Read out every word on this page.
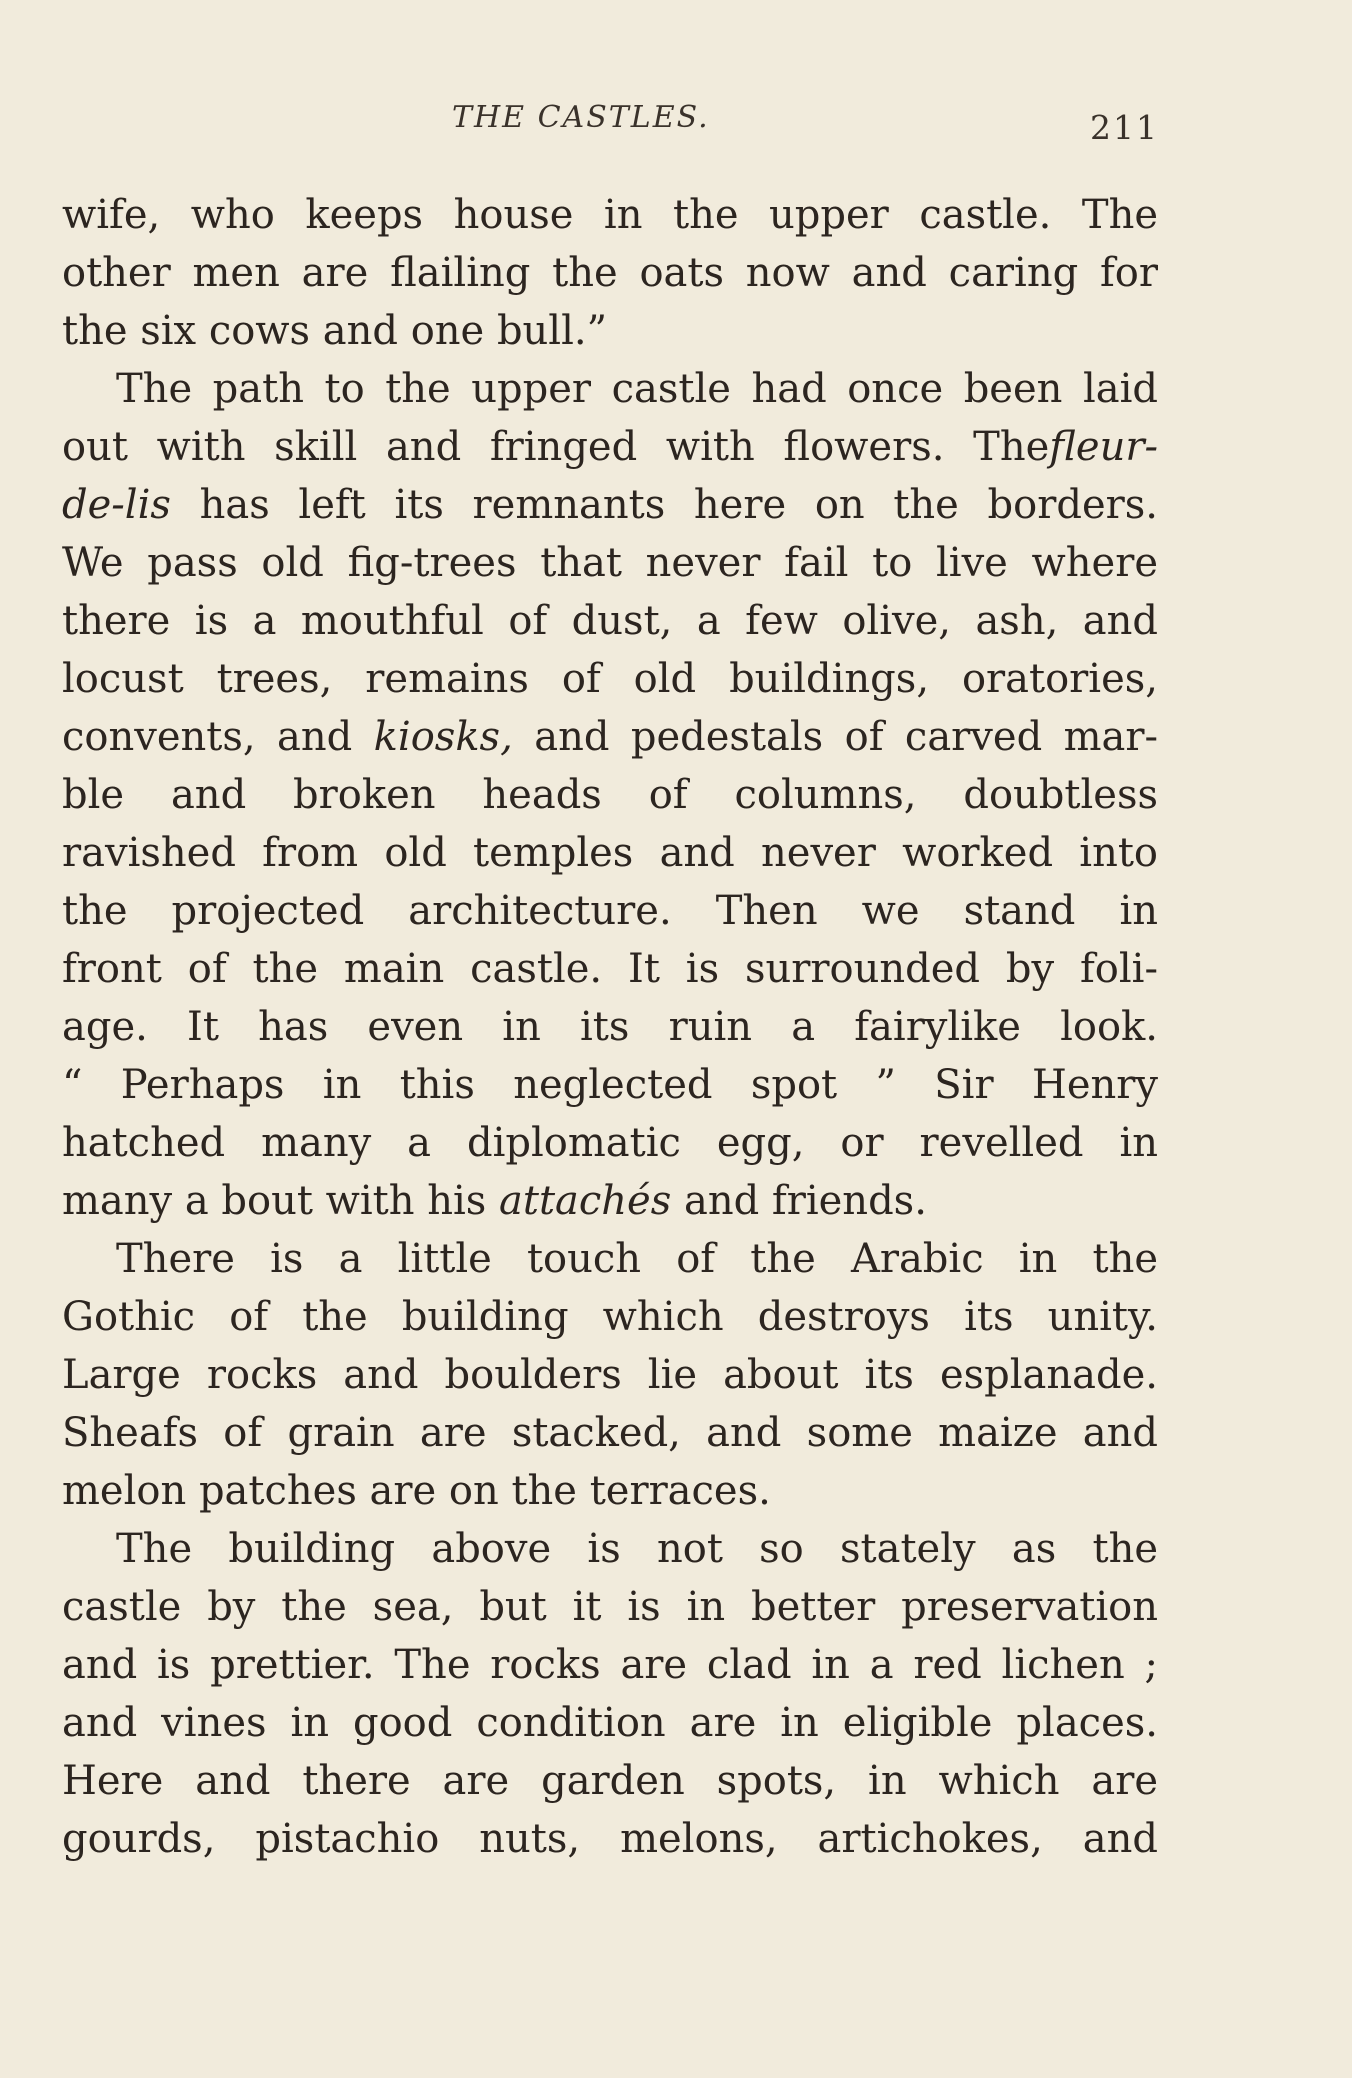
THE CASTLES.	211
wife, who keeps house in the upper castle. The
other men are flailing the oats now and caring for
the six cows and one bull.”
The path to the upper castle had once been laid
out with skill and fringed with flowers. Thefleur-
de-lis has left its remnants here on the borders.
We pass old fig-trees that never fail to live where
there is a mouthful of dust, a few olive, ash, and
locust trees, remains of old buildings, oratories,
convents, and kiosks, and pedestals of carved mar-
ble and broken heads of columns, doubtless
ravished from old temples and never worked into
the projected architecture. Then we stand in
front of the main castle. It is surrounded by foli-
age. It has even in its ruin a fairylike look.
“ Perhaps in this neglected spot ” Sir Henry
hatched many a diplomatic egg, or revelled in
many a bout with his attachés and friends.
There is a little touch of the Arabic in the
Gothic of the building which destroys its unity.
Large rocks and boulders lie about its esplanade.
Sheafs of grain are stacked, and some maize and
melon patches are on the terraces.
The building above is not so stately as the
castle by the sea, but it is in better preservation
and is prettier. The rocks are clad in a red lichen ;
and vines in good condition are in eligible places.
Here and there are garden spots, in which are
gourds, pistachio nuts, melons, artichokes, and
